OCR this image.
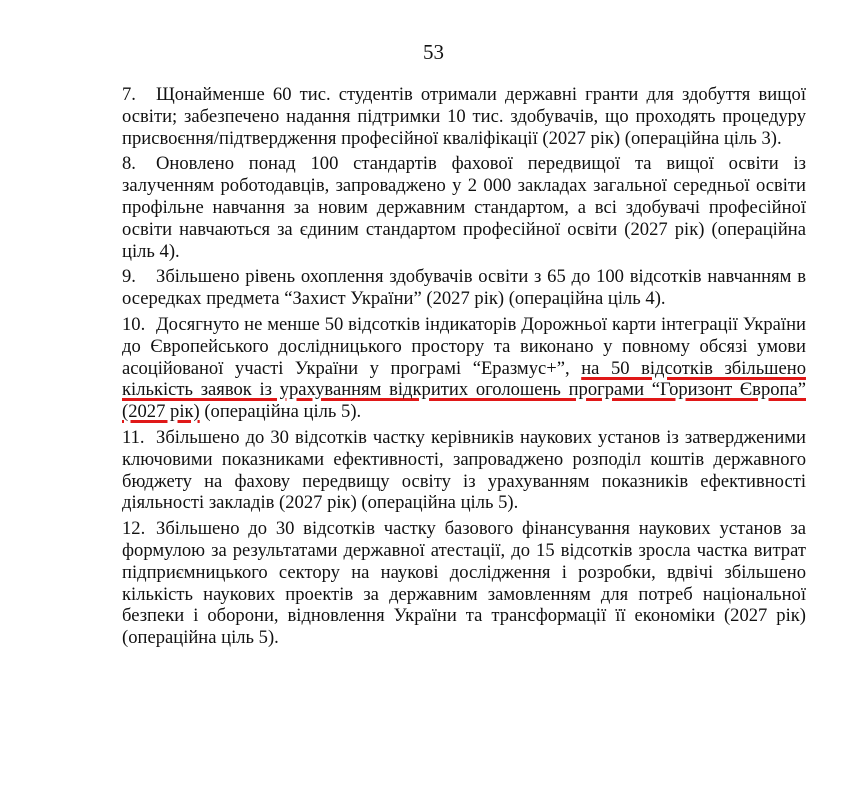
53

7. Щонайменше 60 тис. студентів отримали державні гранти для здобуття вищої освіти; забезпечено надання підтримки 10 тис. здобувачів, що проходять процедуру присвоєння/підтвердження професійної кваліфікації (2027 рік) (операційна ціль 3).

8. Оновлено понад 100 стандартів фахової передвищої та вищої освіти із залученням роботодавців, запроваджено у 2 000 закладах загальної середньої освіти профільне навчання за новим державним стандартом, а всі здобувачі професійної освіти навчаються за єдиним стандартом професійної освіти (2027 рік) (операційна ціль 4).

9. Збільшено рівень охоплення здобувачів освіти з 65 до 100 відсотків навчанням в осередках предмета “Захист України” (2027 рік) (операційна ціль 4).

10. Досягнуто не менше 50 відсотків індикаторів Дорожньої карти інтеграції України до Європейського дослідницького простору та виконано у повному обсязі умови асоційованої участі України у програмі “Еразмус+”, на 50 відсотків збільшено кількість заявок із урахуванням відкритих оголошень програми “Горизонт Європа” (2027 рік) (операційна ціль 5).

11. Збільшено до 30 відсотків частку керівників наукових установ із затвердженими ключовими показниками ефективності, запроваджено розподіл коштів державного бюджету на фахову передвищу освіту із урахуванням показників ефективності діяльності закладів (2027 рік) (операційна ціль 5).

12. Збільшено до 30 відсотків частку базового фінансування наукових установ за формулою за результатами державної атестації, до 15 відсотків зросла частка витрат підприємницького сектору на наукові дослідження і розробки, вдвічі збільшено кількість наукових проектів за державним замовленням для потреб національної безпеки і оборони, відновлення України та трансформації її економіки (2027 рік) (операційна ціль 5).
